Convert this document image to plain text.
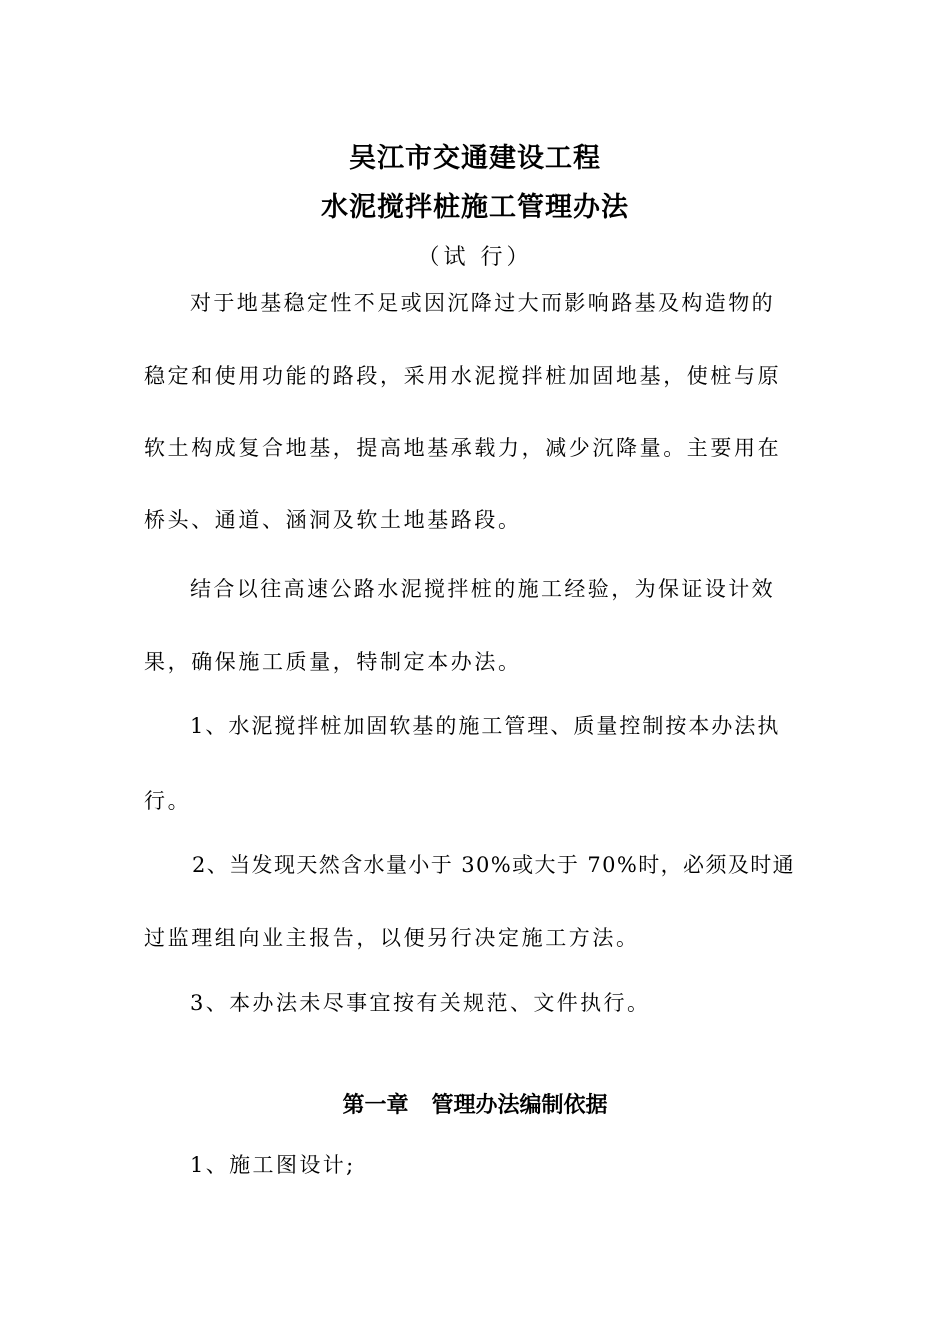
吴江市交通建设工程
水泥搅拌桩施工管理办法
（试 行）
对于地基稳定性不足或因沉降过大而影响路基及构造物的
稳定和使用功能的路段，采用水泥搅拌桩加固地基，使桩与原
软土构成复合地基，提高地基承载力，减少沉降量。主要用在
桥头、通道、涵洞及软土地基路段。
结合以往高速公路水泥搅拌桩的施工经验，为保证设计效
果，确保施工质量，特制定本办法。
1、水泥搅拌桩加固软基的施工管理、质量控制按本办法执
行。
2、当发现天然含水量小于 30%或大于 70%时，必须及时通
过监理组向业主报告，以便另行决定施工方法。
3、本办法未尽事宜按有关规范、文件执行。
第一章   管理办法编制依据
1、施工图设计;
